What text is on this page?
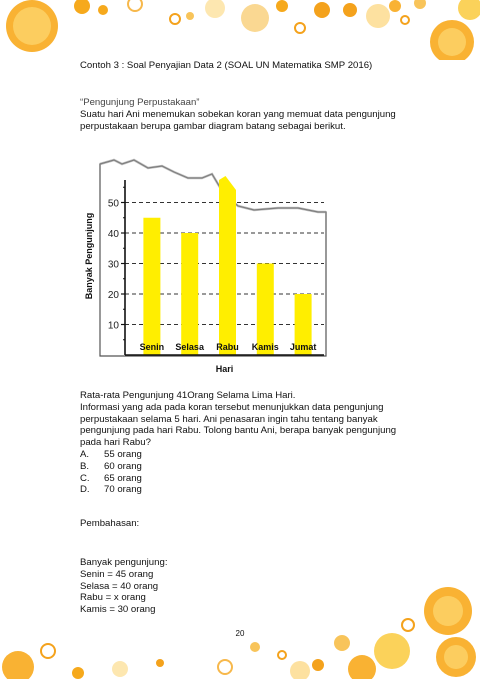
Contoh 3 : Soal Penyajian Data 2 (SOAL UN Matematika SMP 2016)

“Pengunjung Perpustakaan”

Suatu hari Ani menemukan sobekan koran yang memuat data pengunjung perpustakaan berupa gambar diagram batang sebagai berikut.

10
20
30
40
50
Senin Selasa Rabu Kamis Jumat
Hari
Banyak Pengunjung

Rata-rata Pengunjung 41Orang Selama Lima Hari.

Informasi yang ada pada koran tersebut menunjukkan data pengunjung perpustakaan selama 5 hari. Ani penasaran ingin tahu tentang banyak pengunjung pada hari Rabu. Tolong bantu Ani, berapa banyak pengunjung pada hari Rabu?

A.	55 orang
B.	60 orang
C.	65 orang
D.	70 orang
Pembahasan:

Banyak pengunjung:

Senin = 45 orang

Selasa = 40 orang

Rabu = x orang

Kamis = 30 orang

20
